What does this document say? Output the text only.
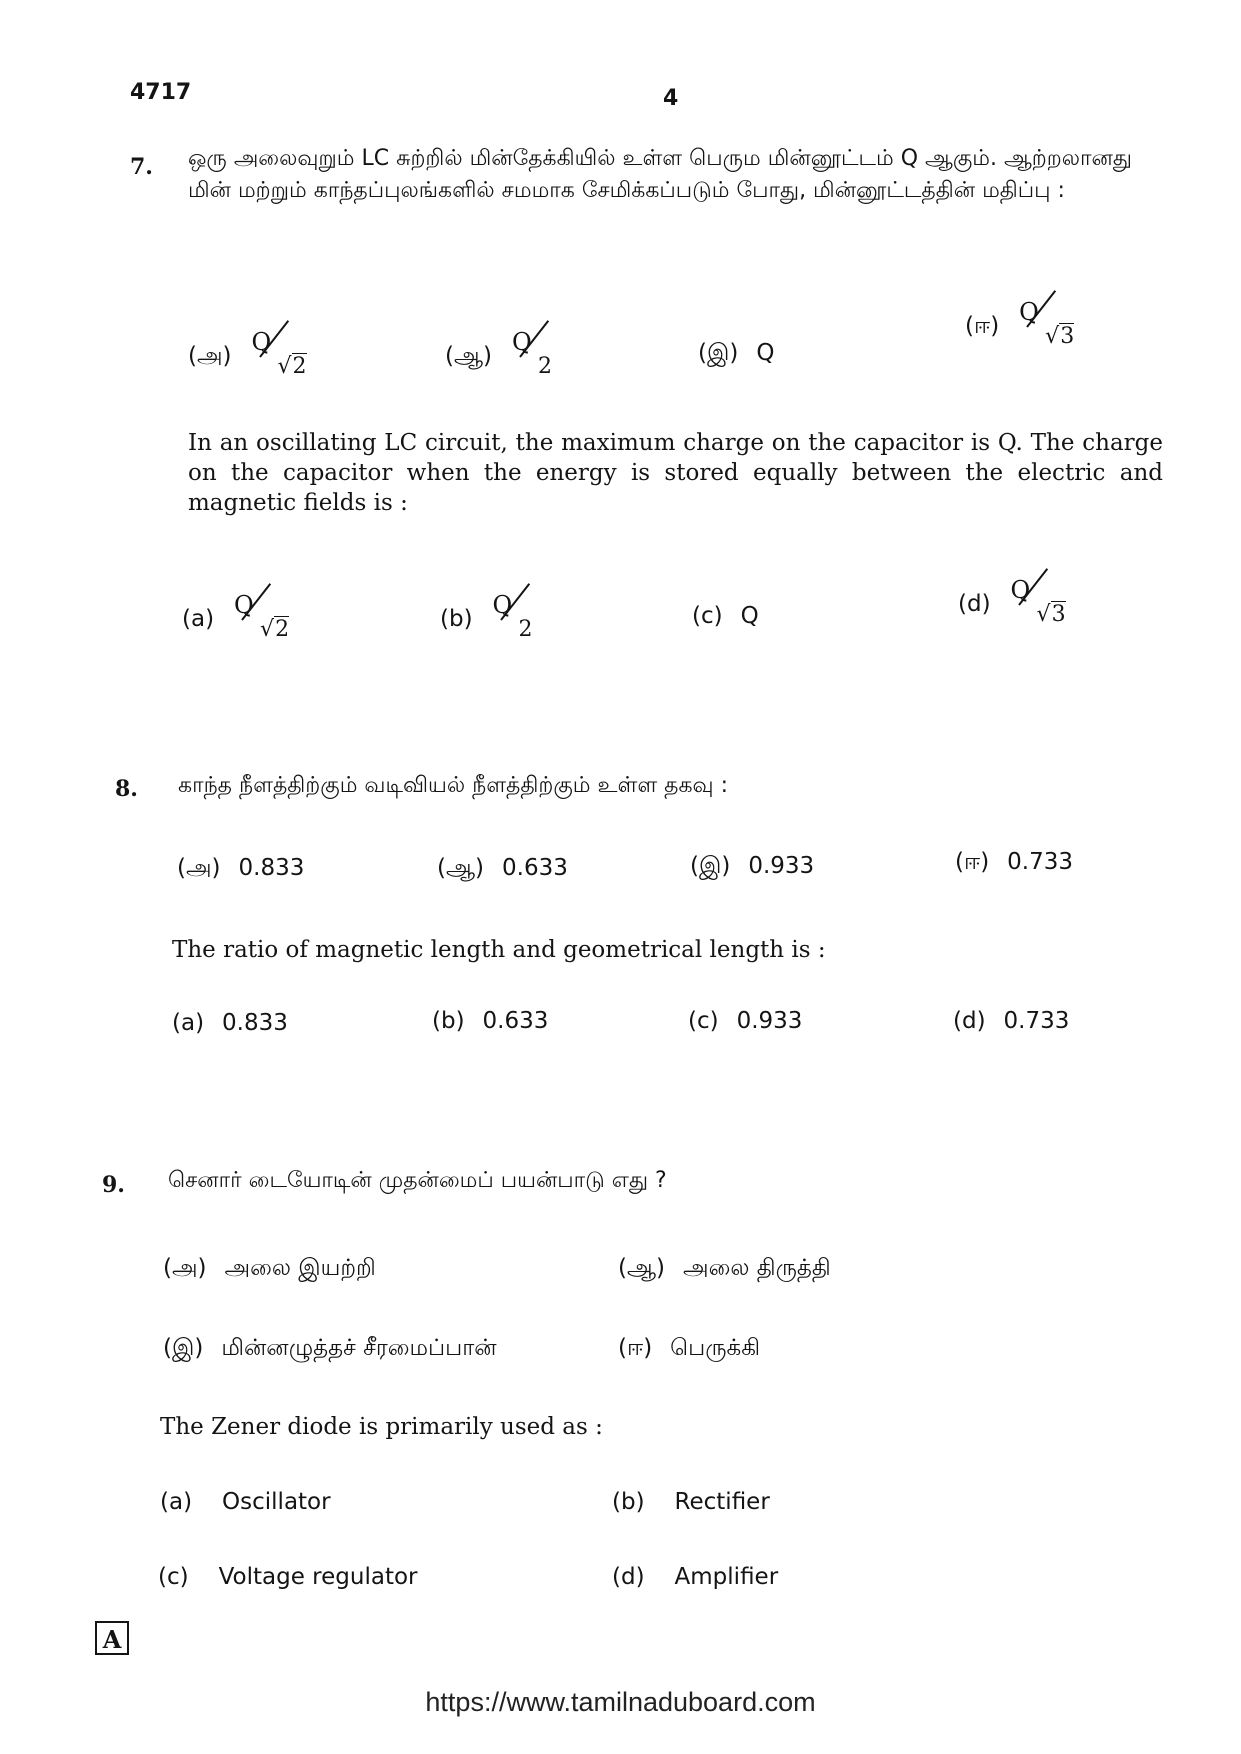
4717	4
7. ஒரு அலைவுறும் LC சுற்றில் மின்தேக்கியில் உள்ள பெரும மின்னூட்டம் Q ஆகும். ஆற்றலானது மின் மற்றும் காந்தப்புலங்களில் சமமாக சேமிக்கப்படும் போது, மின்னூட்டத்தின் மதிப்பு :
(அ) Q
√2	(ஆ) Q
2
(இ) Q
(ஈ) Q
√3
In an oscillating LC circuit, the maximum charge on the capacitor is Q. The charge on the capacitor when the energy is stored equally between the electric and magnetic fields is :
(a) Q
√2	(b) Q
2
(c) Q	(d) Q
√3
8. காந்த நீளத்திற்கும் வடிவியல் நீளத்திற்கும் உள்ள தகவு :
(அ) 0.833	(ஆ) 0.633	(இ) 0.933	(ஈ) 0.733
The ratio of magnetic length and geometrical length is :
(a) 0.833	(b) 0.633	(c) 0.933	(d) 0.733
9. செனார் டையோடின் முதன்மைப் பயன்பாடு எது ?
(அ) அலை இயற்றி	(ஆ) அலை திருத்தி
(இ) மின்னழுத்தச் சீரமைப்பான்	(ஈ) பெருக்கி
The Zener diode is primarily used as :
(a) Oscillator	(b) Rectifier
(c) Voltage regulator	(d) Amplifier
A
https://www.tamilnaduboard.com
